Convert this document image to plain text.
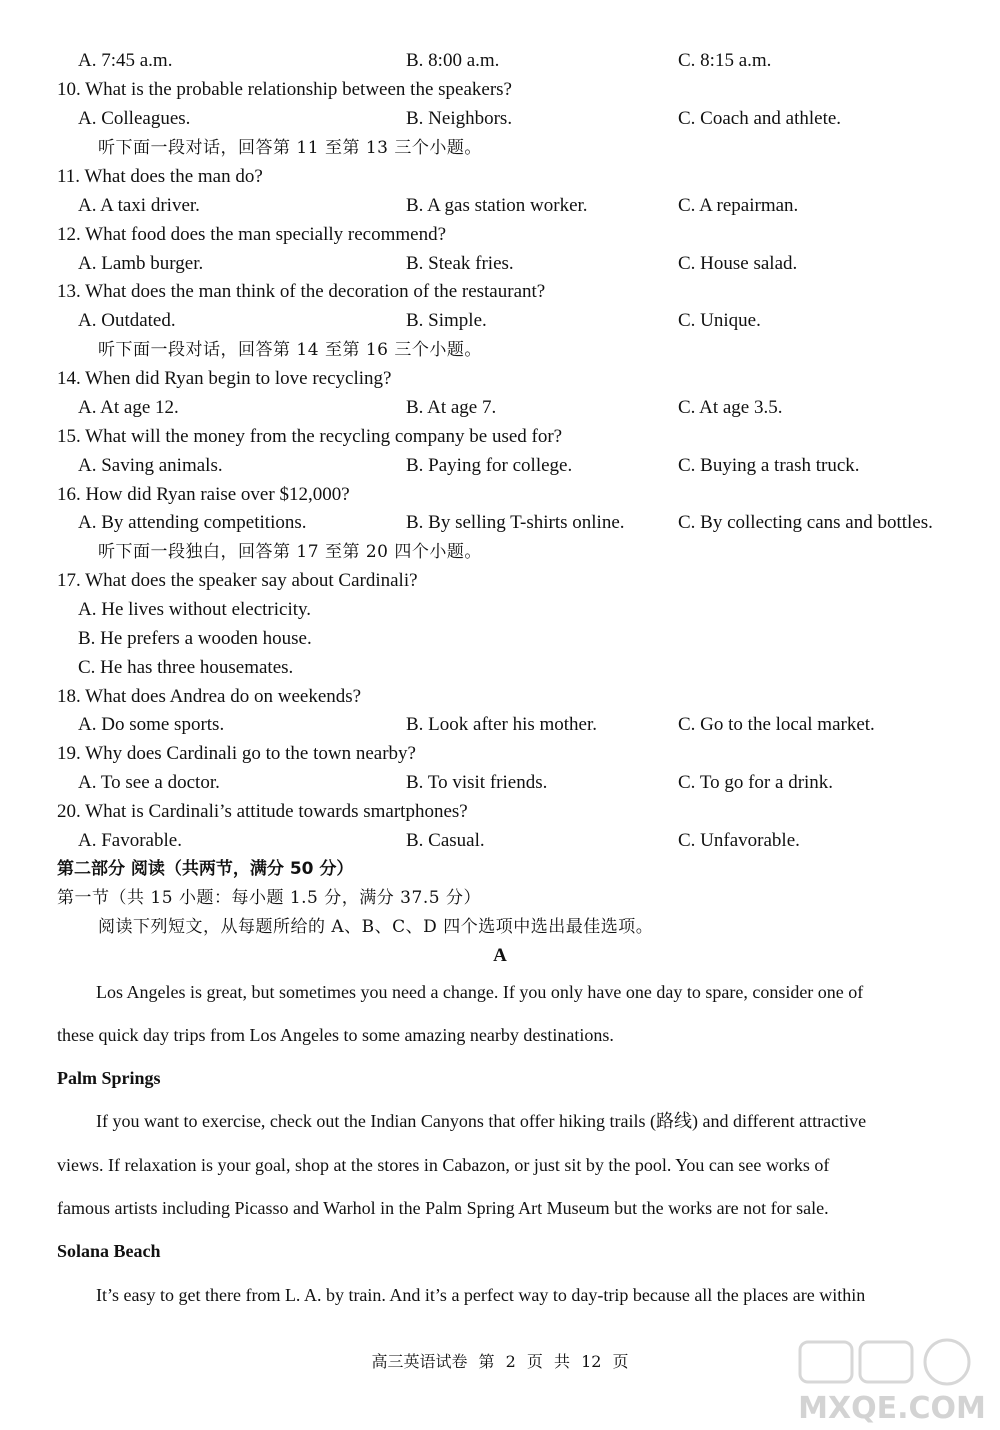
A. 7:45 a.m.	B. 8:00 a.m.	C. 8:15 a.m.
10. What is the probable relationship between the speakers?
A. Colleagues.	B. Neighbors.	C. Coach and athlete.
听下面一段对话，回答第 11 至第 13 三个小题。
11. What does the man do?
A. A taxi driver.	B. A gas station worker.	C. A repairman.
12. What food does the man specially recommend?
A. Lamb burger.	B. Steak fries.	C. House salad.
13. What does the man think of the decoration of the restaurant?
A. Outdated.	B. Simple.	C. Unique.
听下面一段对话，回答第 14 至第 16 三个小题。
14. When did Ryan begin to love recycling?
A. At age 12.	B. At age 7.	C. At age 3.5.
15. What will the money from the recycling company be used for?
A. Saving animals.	B. Paying for college.	C. Buying a trash truck.
16. How did Ryan raise over $12,000?
A. By attending competitions.	B. By selling T-shirts online.	C. By collecting cans and bottles.
听下面一段独白，回答第 17 至第 20 四个小题。
17. What does the speaker say about Cardinali?
A. He lives without electricity.
B. He prefers a wooden house.
C. He has three housemates.
18. What does Andrea do on weekends?
A. Do some sports.	B. Look after his mother.	C. Go to the local market.
19. Why does Cardinali go to the town nearby?
A. To see a doctor.	B. To visit friends.	C. To go for a drink.
20. What is Cardinali’s attitude towards smartphones?
A. Favorable.	B. Casual.	C. Unfavorable.
第二部分 阅读（共两节，满分 50 分）
第一节（共 15 小题：每小题 1.5 分，满分 37.5 分）
阅读下列短文，从每题所给的 A、B、C、D 四个选项中选出最佳选项。
A
Los Angeles is great, but sometimes you need a change. If you only have one day to spare, consider one of
these quick day trips from Los Angeles to some amazing nearby destinations.
Palm Springs
If you want to exercise, check out the Indian Canyons that offer hiking trails (路线) and different attractive
views. If relaxation is your goal, shop at the stores in Cabazon, or just sit by the pool. You can see works of
famous artists including Picasso and Warhol in the Palm Spring Art Museum but the works are not for sale.
Solana Beach
It’s easy to get there from L. A. by train. And it’s a perfect way to day-trip because all the places are within
高三英语试卷 第 2 页 共 12 页
MXQE.COM
